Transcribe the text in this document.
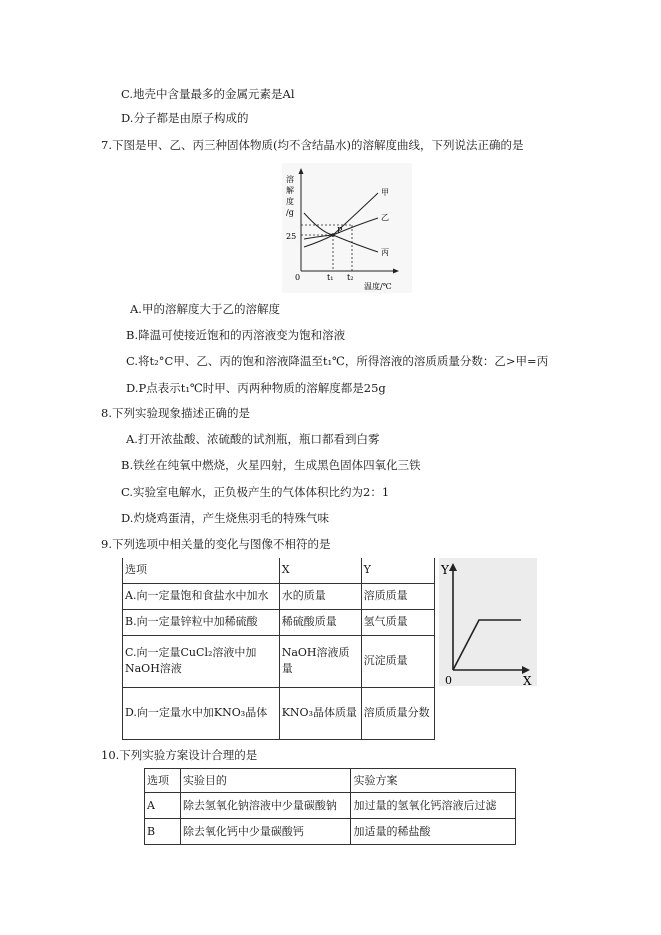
C.地壳中含量最多的金属元素是Al
D.分子都是由原子构成的
7.下图是甲、乙、丙三种固体物质(均不含结晶水)的溶解度曲线，下列说法正确的是
溶
解
度
/g
25
0	t₁ t₂
温度/℃
P
甲
乙
丙
A.甲的溶解度大于乙的溶解度
B.降温可使接近饱和的丙溶液变为饱和溶液
C.将t₂°C甲、乙、丙的饱和溶液降温至t₁℃，所得溶液的溶质质量分数：乙>甲=丙
D.P点表示t₁℃时甲、丙两种物质的溶解度都是25g
8.下列实验现象描述正确的是
A.打开浓盐酸、浓硫酸的试剂瓶，瓶口都看到白雾
B.铁丝在纯氧中燃烧，火星四射，生成黑色固体四氧化三铁
C.实验室电解水，正负极产生的气体体积比约为2：1
D.灼烧鸡蛋清，产生烧焦羽毛的特殊气味
9.下列选项中相关量的变化与图像不相符的是
选项	X	Y	Y
0 X

A.向一定量饱和食盐水中加水	水的质量	溶质质量	
B.向一定量锌粒中加稀硫酸	稀硫酸质量	氢气质量	
C.向一定量CuCl₂溶液中加NaOH溶液	NaOH溶液质量	沉淀质量	
D.向一定量水中加KNO₃晶体	KNO₃晶体质量	溶质质量分数	
10.下列实验方案设计合理的是
选项	实验目的	实验方案
A	除去氢氧化钠溶液中少量碳酸钠	加过量的氢氧化钙溶液后过滤
B	除去氧化钙中少量碳酸钙	加适量的稀盐酸
